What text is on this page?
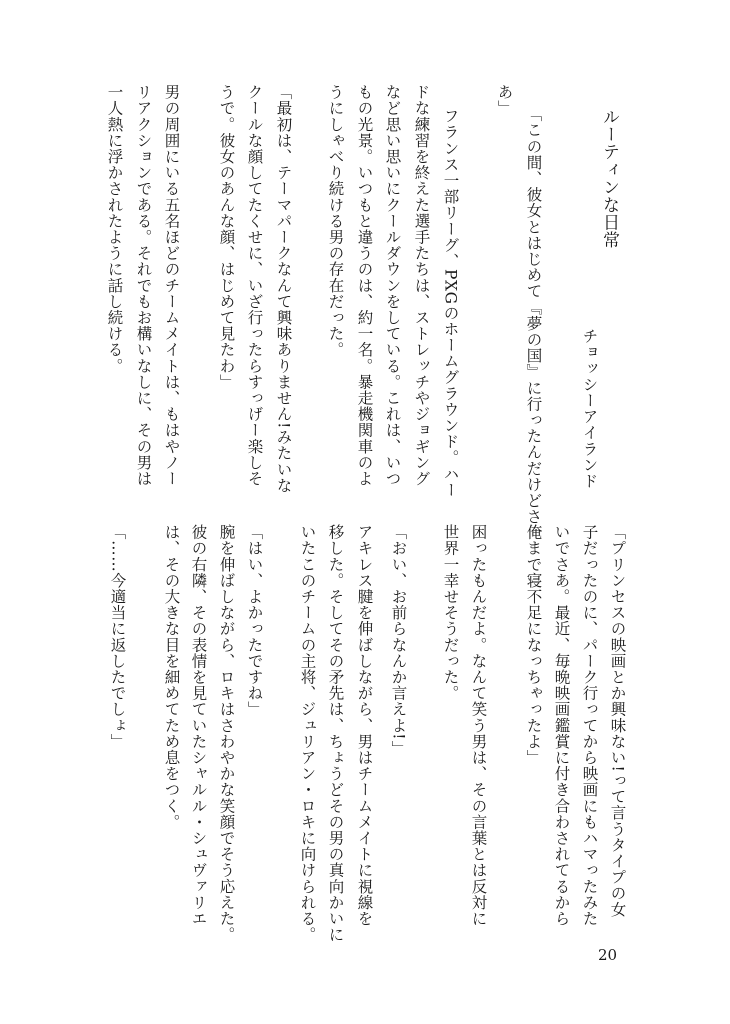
ルーティンな日常
チョッシーアイランド
「この間、彼女とはじめて『夢の国』に行ったんだけどさ
あ」
フランス一部リーグ、PXGのホームグラウンド。ハー
ドな練習を終えた選手たちは、ストレッチやジョギング
など思い思いにクールダウンをしている。これは、いつ
もの光景。いつもと違うのは、約一名。暴走機関車のよ
うにしゃべり続ける男の存在だった。
「最初は、テーマパークなんて興味ありません!みたいな
クールな顔してたくせに、いざ行ったらすっげー楽しそ
うで。彼女のあんな顔、はじめて見たわ」
男の周囲にいる五名ほどのチームメイトは、もはやノー
リアクションである。それでもお構いなしに、その男は
一人熱に浮かされたように話し続ける。
「プリンセスの映画とか興味ない!って言うタイプの女
子だったのに、パーク行ってから映画にもハマったみた
いでさあ。最近、毎晩映画鑑賞に付き合わされてるから
俺まで寝不足になっちゃったよ」
困ったもんだよ。なんて笑う男は、その言葉とは反対に
世界一幸せそうだった。
「おい、お前らなんか言えよ!」
アキレス腱を伸ばしながら、男はチームメイトに視線を
移した。そしてその矛先は、ちょうどその男の真向かいに
いたこのチームの主将、ジュリアン・ロキに向けられる。
「はい、よかったですね」
腕を伸ばしながら、ロキはさわやかな笑顔でそう応えた。
彼の右隣、その表情を見ていたシャルル・シュヴァリエ
は、その大きな目を細めてため息をつく。
「……今適当に返したでしょ」
20
